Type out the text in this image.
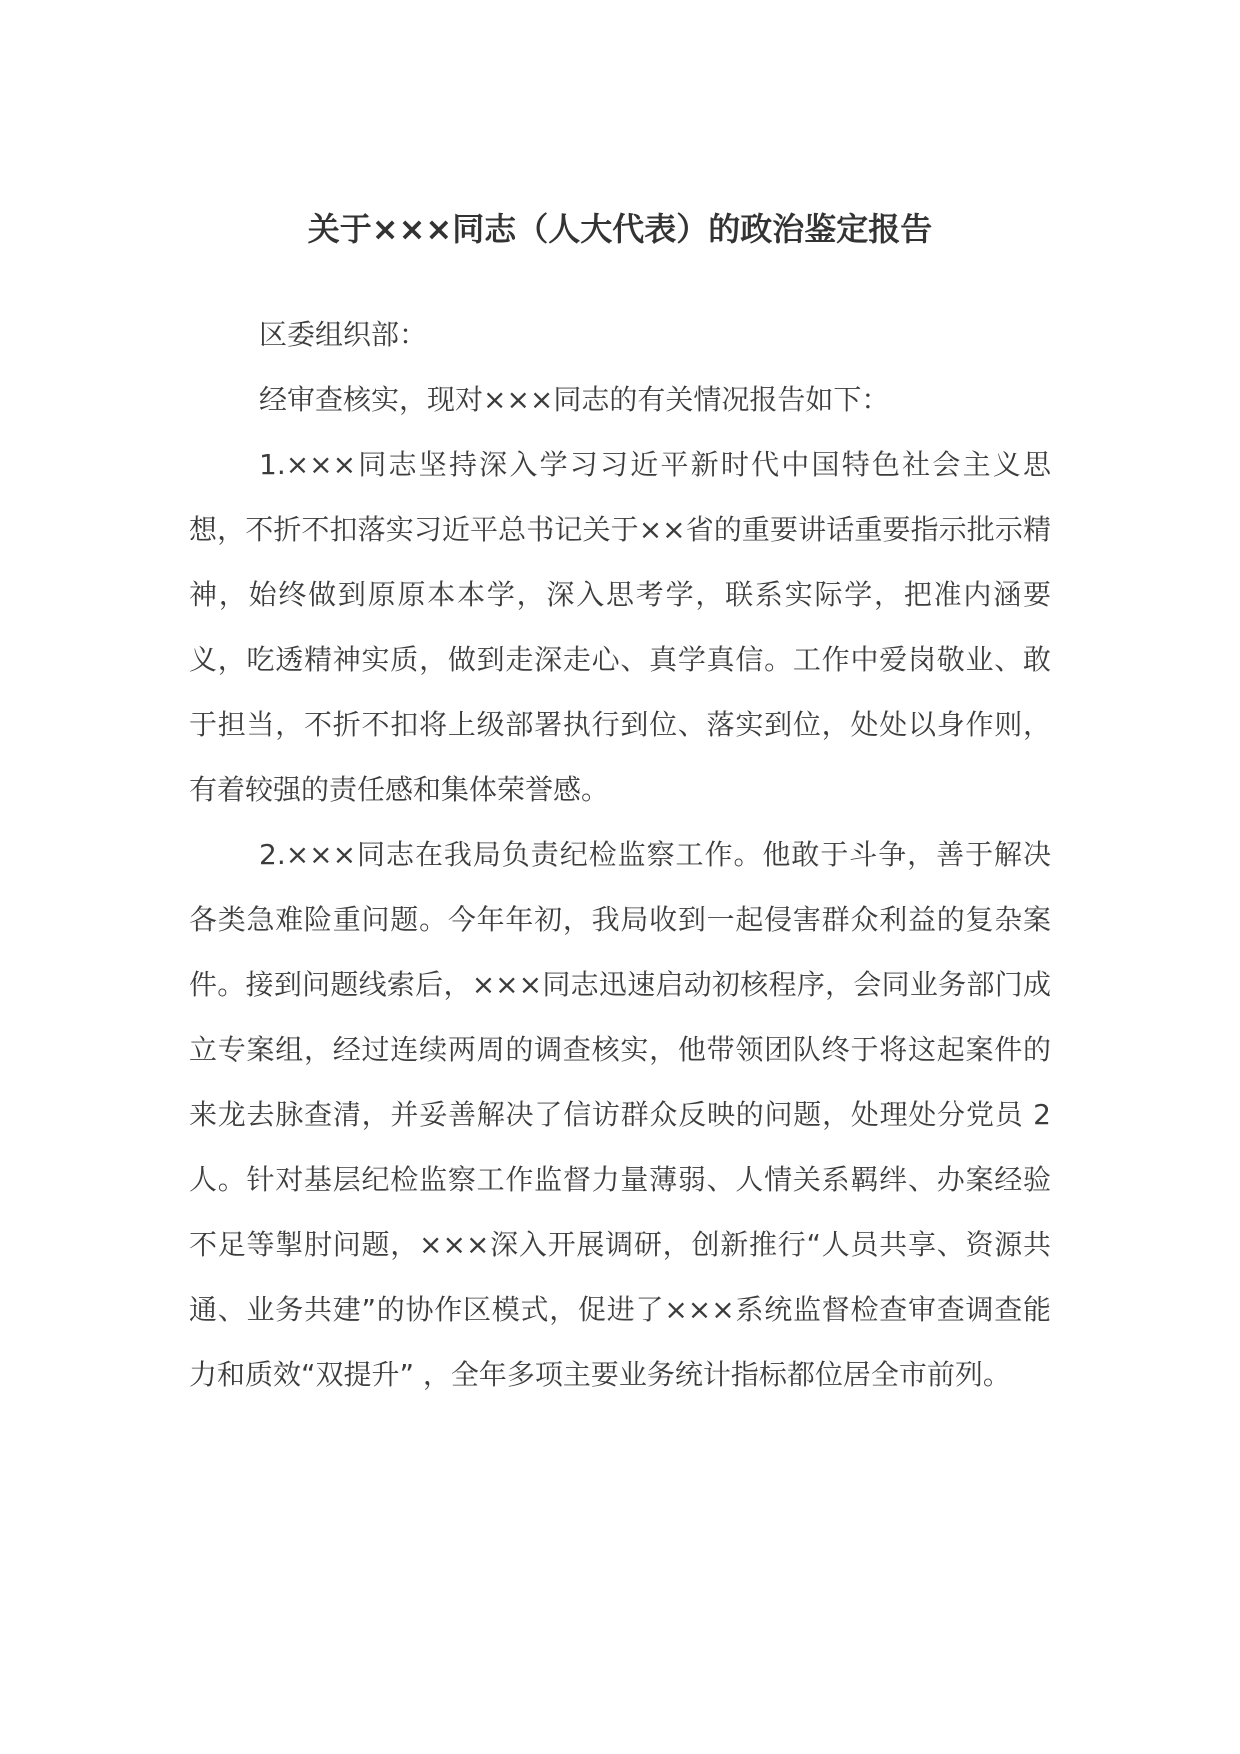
关于×××同志（人大代表）的政治鉴定报告

区委组织部：

经审查核实，现对×××同志的有关情况报告如下：

1.×××同志坚持深入学习习近平新时代中国特色社会主义思想，不折不扣落实习近平总书记关于××省的重要讲话重要指示批示精神，始终做到原原本本学，深入思考学，联系实际学，把准内涵要义，吃透精神实质，做到走深走心、真学真信。工作中爱岗敬业、敢于担当，不折不扣将上级部署执行到位、落实到位，处处以身作则，有着较强的责任感和集体荣誉感。

2.×××同志在我局负责纪检监察工作。他敢于斗争，善于解决各类急难险重问题。今年年初，我局收到一起侵害群众利益的复杂案件。接到问题线索后，×××同志迅速启动初核程序，会同业务部门成立专案组，经过连续两周的调查核实，他带领团队终于将这起案件的来龙去脉查清，并妥善解决了信访群众反映的问题，处理处分党员 2 人。针对基层纪检监察工作监督力量薄弱、人情关系羁绊、办案经验不足等掣肘问题，×××深入开展调研，创新推行“人员共享、资源共通、业务共建”的协作区模式，促进了×××系统监督检查审查调查能力和质效“双提升” ，全年多项主要业务统计指标都位居全市前列。
